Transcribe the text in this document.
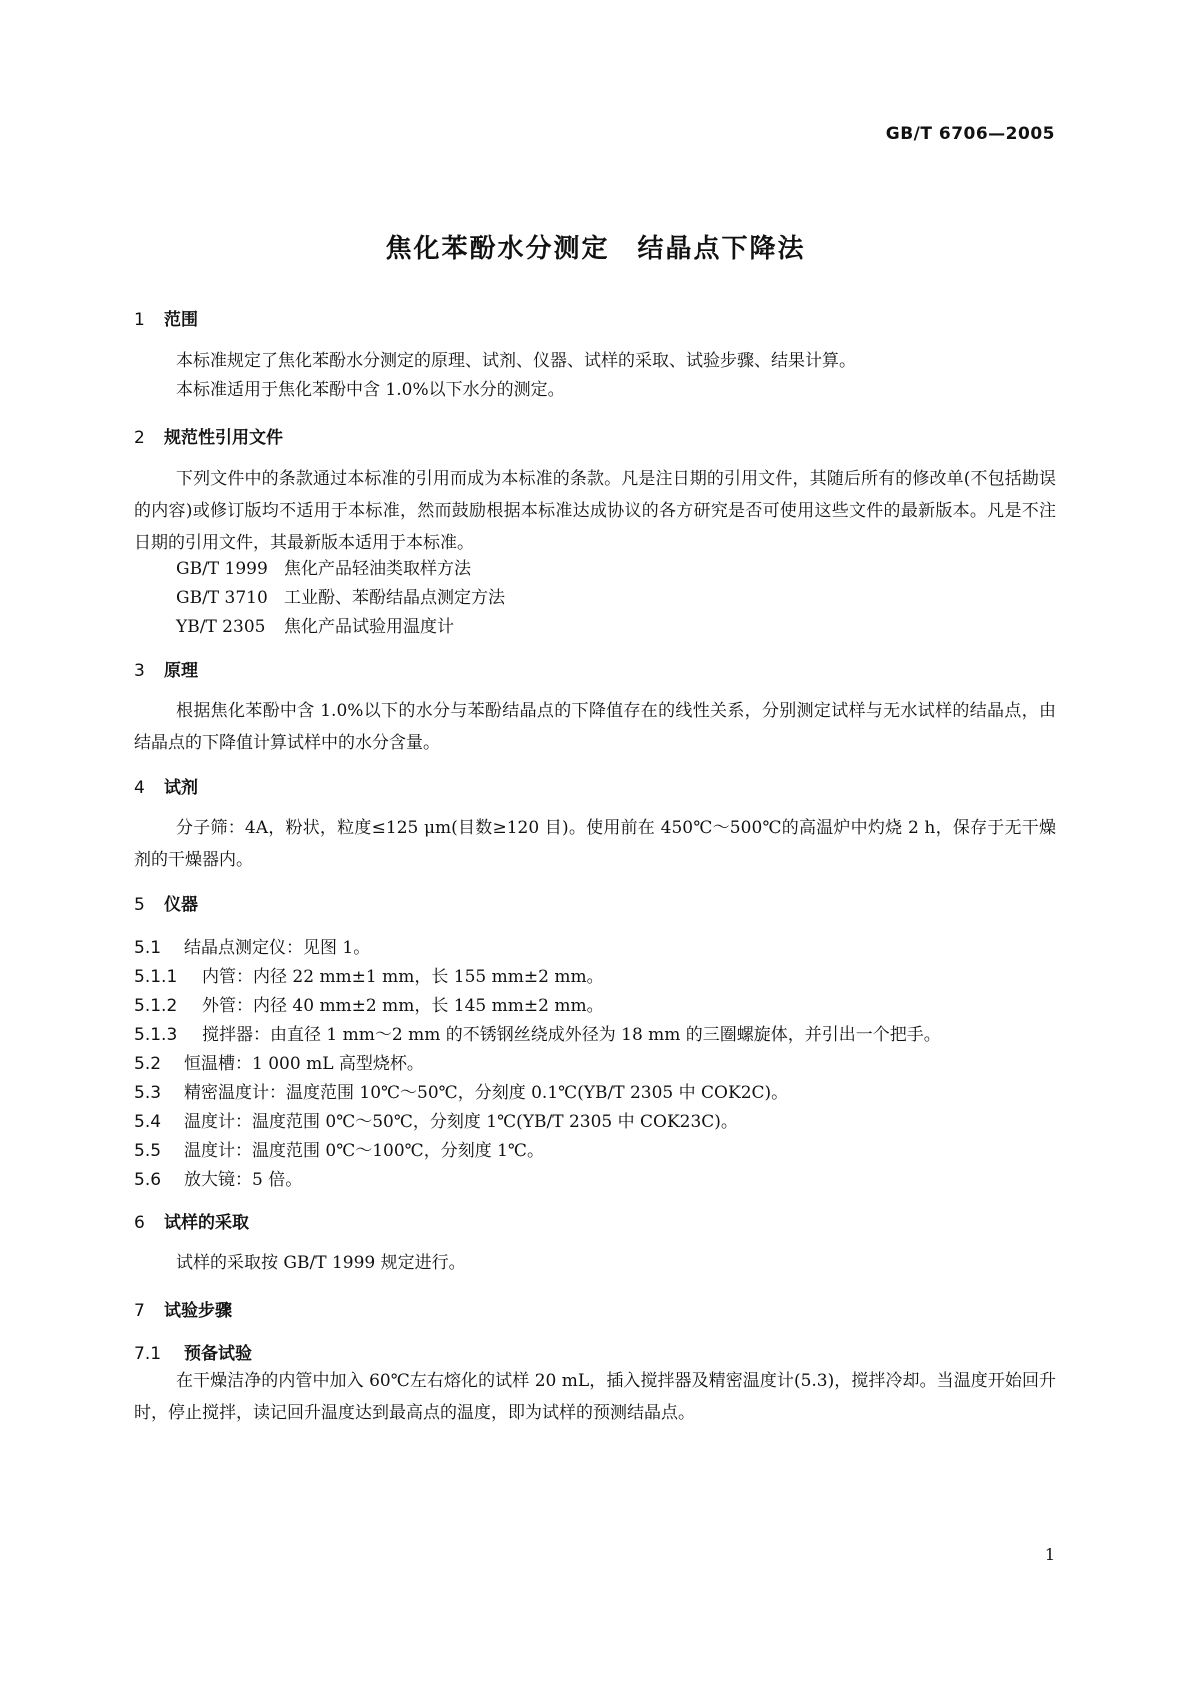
GB/T 6706—2005
焦化苯酚水分测定　结晶点下降法
1 范围

本标准规定了焦化苯酚水分测定的原理、试剂、仪器、试样的采取、试验步骤、结果计算。

本标准适用于焦化苯酚中含 1.0%以下水分的测定。

2 规范性引用文件

下列文件中的条款通过本标准的引用而成为本标准的条款。凡是注日期的引用文件，其随后所有的修改单(不包括勘误的内容)或修订版均不适用于本标准，然而鼓励根据本标准达成协议的各方研究是否可使用这些文件的最新版本。凡是不注日期的引用文件，其最新版本适用于本标准。

GB/T 1999 焦化产品轻油类取样方法
GB/T 3710 工业酚、苯酚结晶点测定方法
YB/T 2305 焦化产品试验用温度计
3 原理

根据焦化苯酚中含 1.0%以下的水分与苯酚结晶点的下降值存在的线性关系，分别测定试样与无水试样的结晶点，由结晶点的下降值计算试样中的水分含量。

4 试剂

分子筛：4A，粉状，粒度≤125 μm(目数≥120 目)。使用前在 450℃～500℃的高温炉中灼烧 2 h，保存于无干燥剂的干燥器内。

5 仪器
5.1 结晶点测定仪：见图 1。
5.1.1 内管：内径 22 mm±1 mm，长 155 mm±2 mm。
5.1.2 外管：内径 40 mm±2 mm，长 145 mm±2 mm。
5.1.3 搅拌器：由直径 1 mm～2 mm 的不锈钢丝绕成外径为 18 mm 的三圈螺旋体，并引出一个把手。
5.2 恒温槽：1 000 mL 高型烧杯。
5.3 精密温度计：温度范围 10℃～50℃，分刻度 0.1℃(YB/T 2305 中 COK2C)。
5.4 温度计：温度范围 0℃～50℃，分刻度 1℃(YB/T 2305 中 COK23C)。
5.5 温度计：温度范围 0℃～100℃，分刻度 1℃。
5.6 放大镜：5 倍。
6 试样的采取

试样的采取按 GB/T 1999 规定进行。

7 试验步骤
7.1 预备试验

在干燥洁净的内管中加入 60℃左右熔化的试样 20 mL，插入搅拌器及精密温度计(5.3)，搅拌冷却。当温度开始回升时，停止搅拌，读记回升温度达到最高点的温度，即为试样的预测结晶点。

1
